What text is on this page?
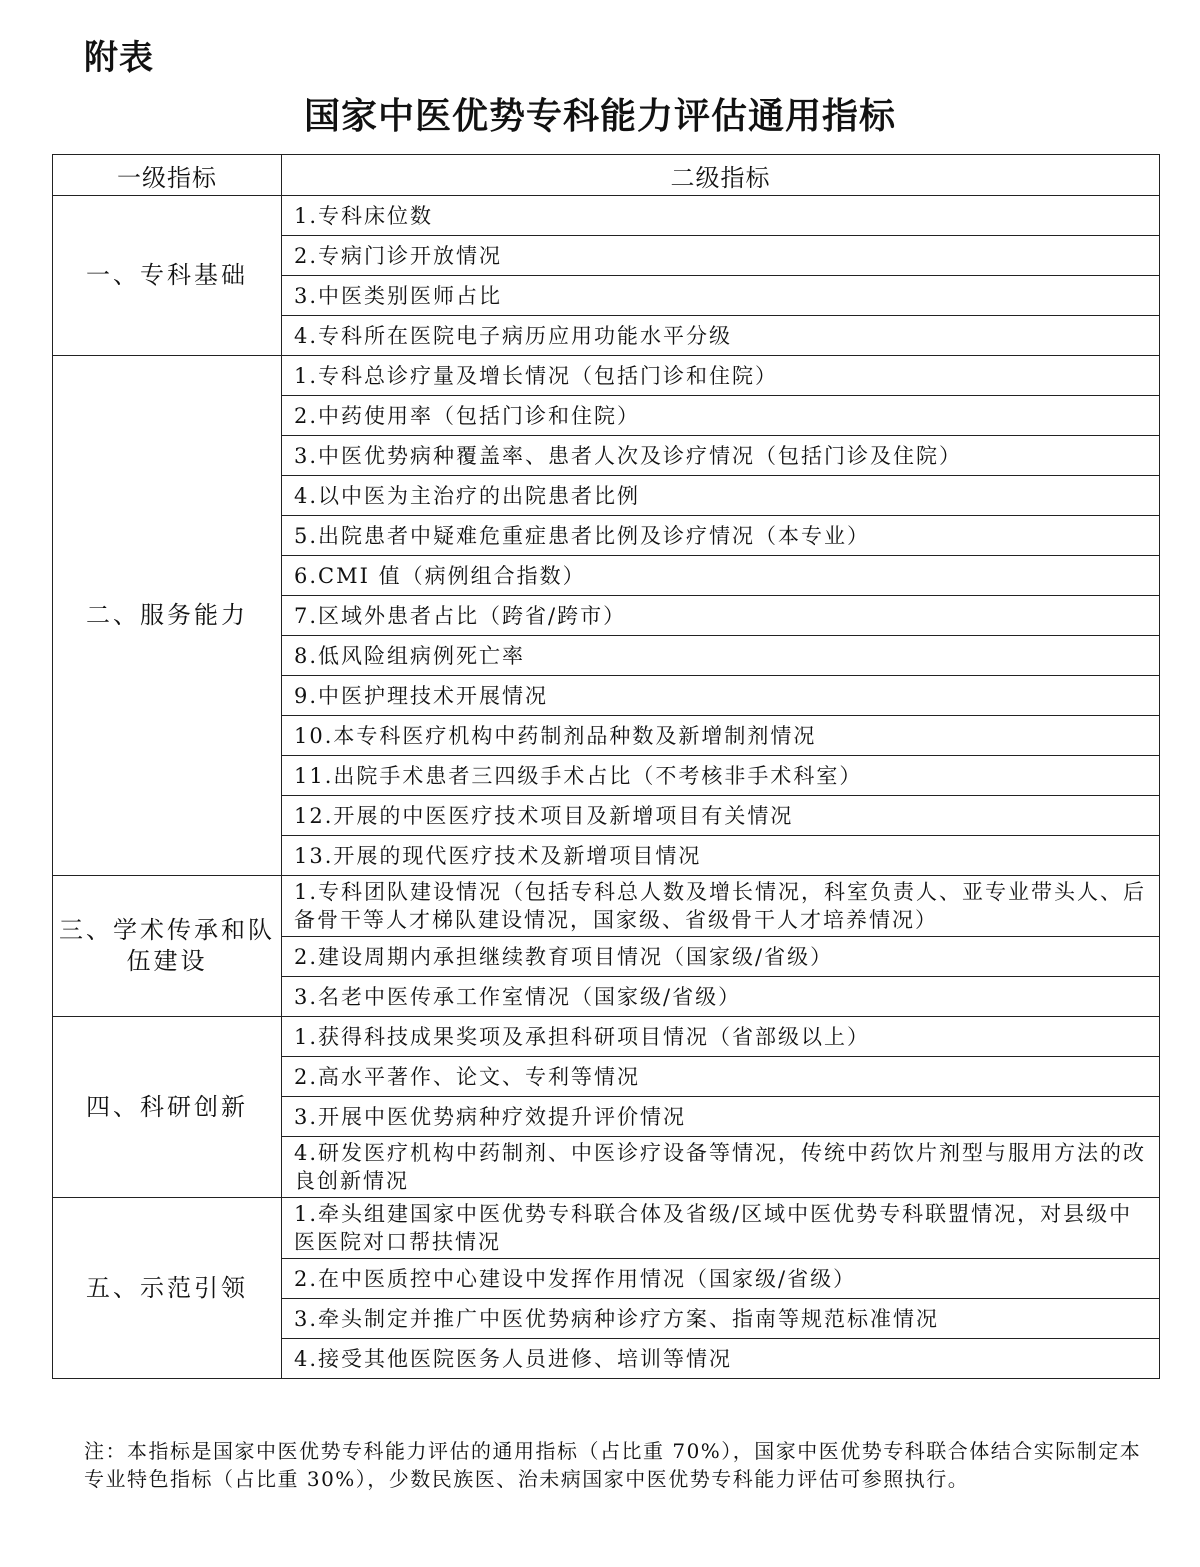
附表
国家中医优势专科能力评估通用指标
一级指标	二级指标
一、专科基础	1.专科床位数
	2.专病门诊开放情况
	3.中医类别医师占比
	4.专科所在医院电子病历应用功能水平分级
二、服务能力	1.专科总诊疗量及增长情况（包括门诊和住院）
	2.中药使用率（包括门诊和住院）
	3.中医优势病种覆盖率、患者人次及诊疗情况（包括门诊及住院）
	4.以中医为主治疗的出院患者比例
	5.出院患者中疑难危重症患者比例及诊疗情况（本专业）
	6.CMI 值（病例组合指数）
	7.区域外患者占比（跨省/跨市）
	8.低风险组病例死亡率
	9.中医护理技术开展情况
	10.本专科医疗机构中药制剂品种数及新增制剂情况
	11.出院手术患者三四级手术占比（不考核非手术科室）
	12.开展的中医医疗技术项目及新增项目有关情况
	13.开展的现代医疗技术及新增项目情况
三、学术传承和队伍建设	1.专科团队建设情况（包括专科总人数及增长情况，科室负责人、亚专业带头人、后备骨干等人才梯队建设情况，国家级、省级骨干人才培养情况）
	2.建设周期内承担继续教育项目情况（国家级/省级）
	3.名老中医传承工作室情况（国家级/省级）
四、科研创新	1.获得科技成果奖项及承担科研项目情况（省部级以上）
	2.高水平著作、论文、专利等情况
	3.开展中医优势病种疗效提升评价情况
	4.研发医疗机构中药制剂、中医诊疗设备等情况，传统中药饮片剂型与服用方法的改良创新情况
五、示范引领	1.牵头组建国家中医优势专科联合体及省级/区域中医优势专科联盟情况，对县级中医医院对口帮扶情况
	2.在中医质控中心建设中发挥作用情况（国家级/省级）
	3.牵头制定并推广中医优势病种诊疗方案、指南等规范标准情况
	4.接受其他医院医务人员进修、培训等情况
注：本指标是国家中医优势专科能力评估的通用指标（占比重 70%），国家中医优势专科联合体结合实际制定本专业特色指标（占比重 30%），少数民族医、治未病国家中医优势专科能力评估可参照执行。
